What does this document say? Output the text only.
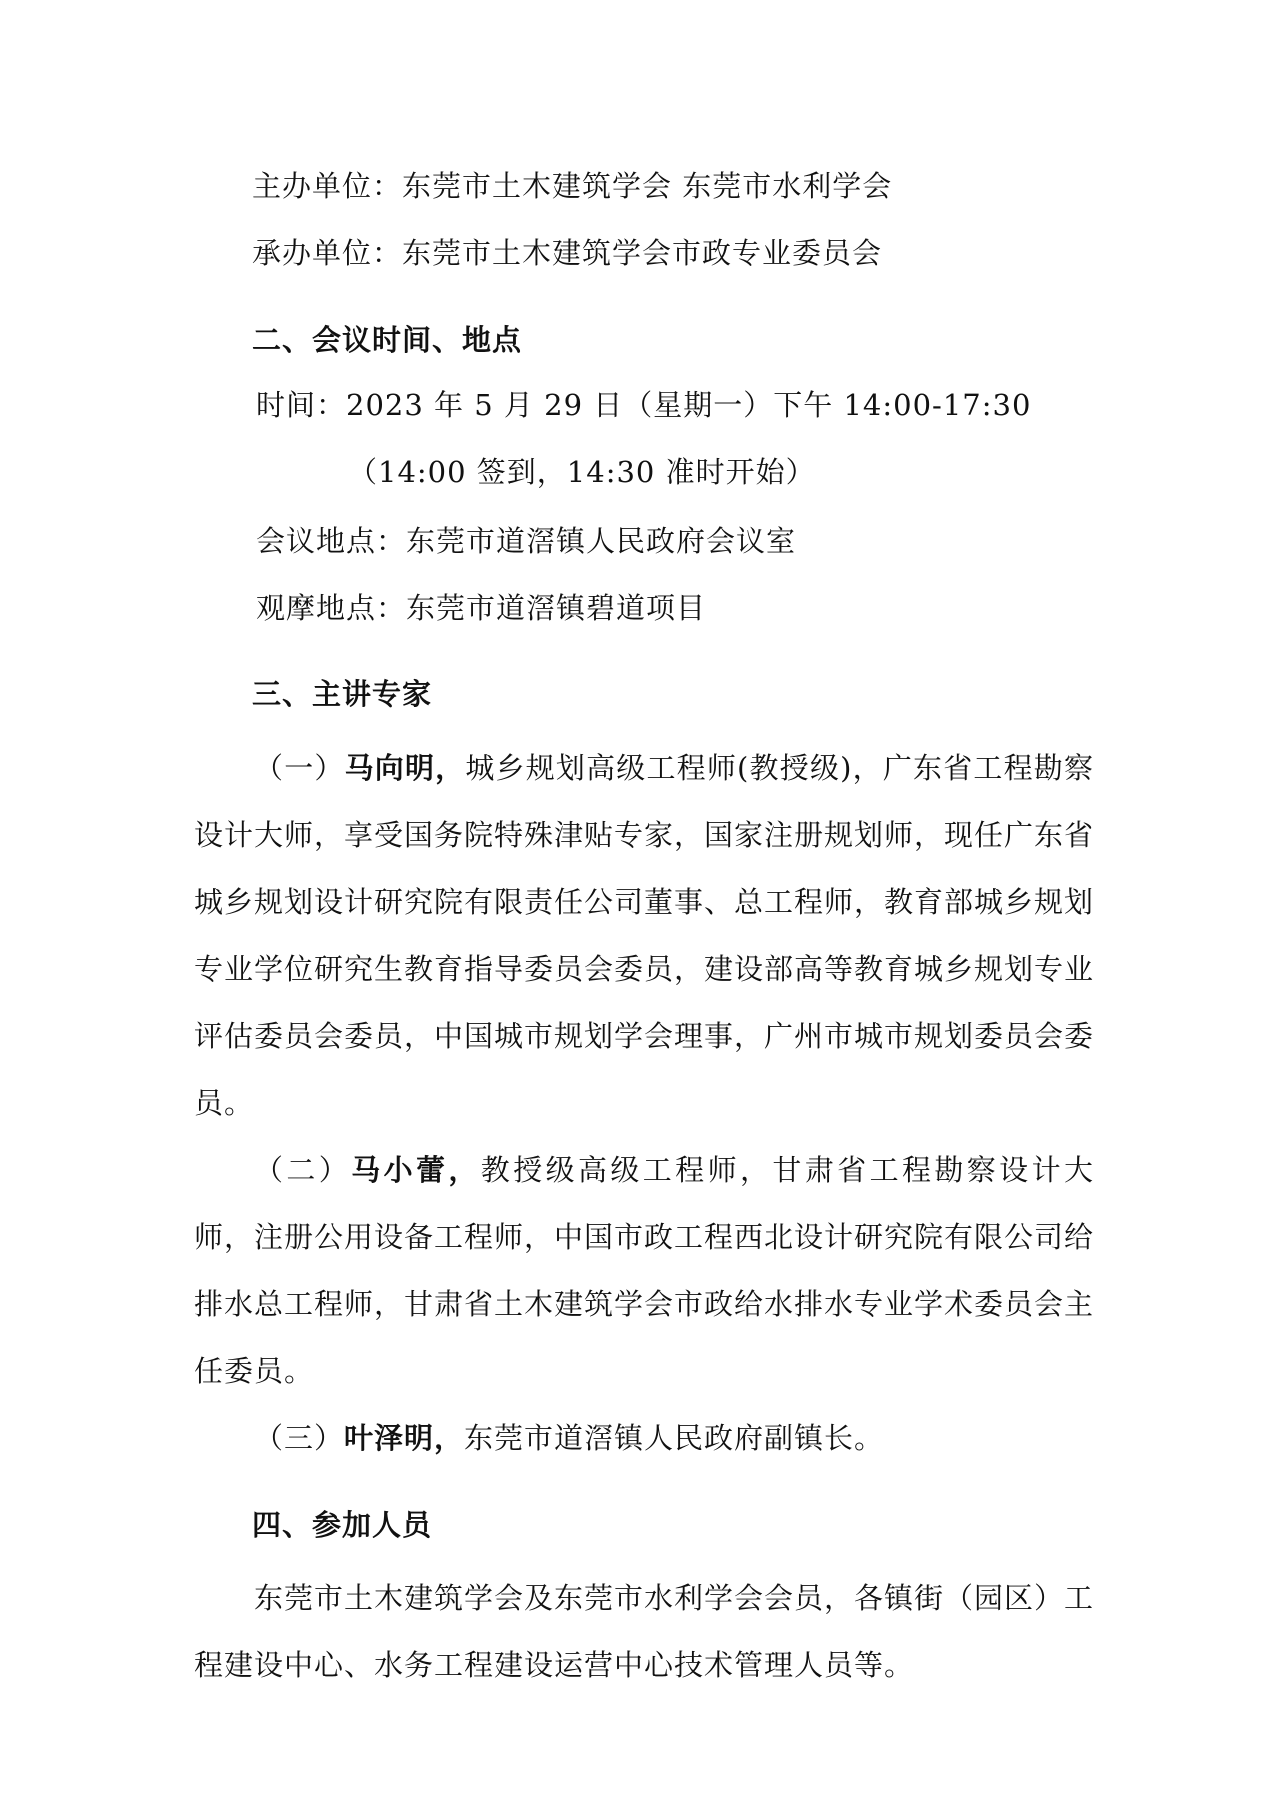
主办单位：东莞市土木建筑学会 东莞市水利学会
承办单位：东莞市土木建筑学会市政专业委员会
二、会议时间、地点
时间：2023 年 5 月 29 日（星期一）下午 14:00-17:30
（14:00 签到，14:30 准时开始）
会议地点：东莞市道滘镇人民政府会议室
观摩地点：东莞市道滘镇碧道项目
三、主讲专家
（一）马向明，城乡规划高级工程师(教授级)，广东省工程勘察设计大师，享受国务院特殊津贴专家，国家注册规划师，现任广东省城乡规划设计研究院有限责任公司董事、总工程师，教育部城乡规划专业学位研究生教育指导委员会委员，建设部高等教育城乡规划专业评估委员会委员，中国城市规划学会理事，广州市城市规划委员会委员。
（二）马小蕾，教授级高级工程师，甘肃省工程勘察设计大师，注册公用设备工程师，中国市政工程西北设计研究院有限公司给排水总工程师，甘肃省土木建筑学会市政给水排水专业学术委员会主任委员。
（三）叶泽明，东莞市道滘镇人民政府副镇长。
四、参加人员
东莞市土木建筑学会及东莞市水利学会会员，各镇街（园区）工程建设中心、水务工程建设运营中心技术管理人员等。
